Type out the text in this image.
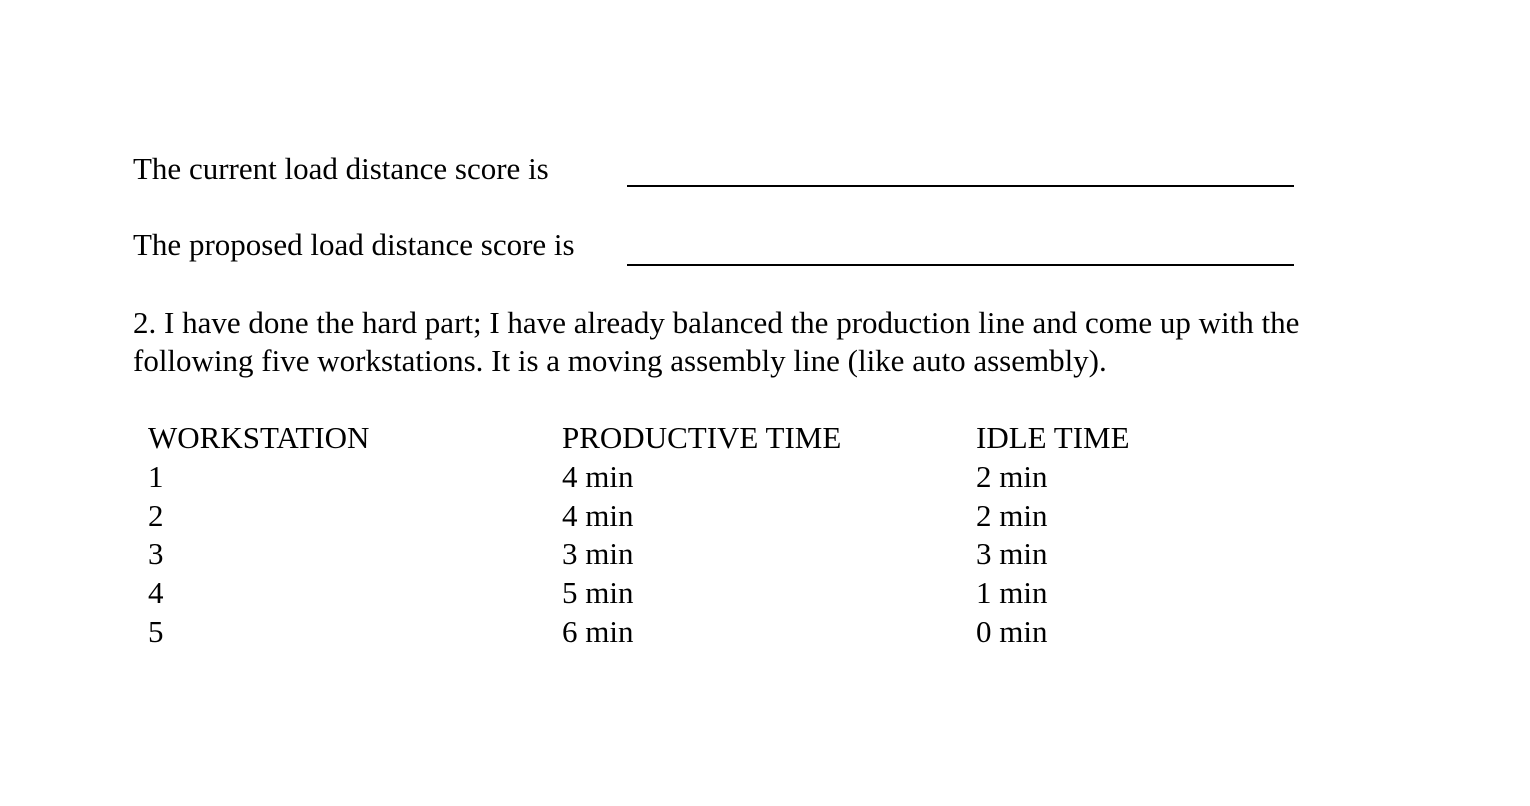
The current load distance score is
The proposed load distance score is
2. I have done the hard part; I have already balanced the production line and come up with the
following five workstations. It is a moving assembly line (like auto assembly).
WORKSTATION	PRODUCTIVE TIME	IDLE TIME
1	4 min	2 min
2	4 min	2 min
3	3 min	3 min
4	5 min	1 min
5	6 min	0 min
